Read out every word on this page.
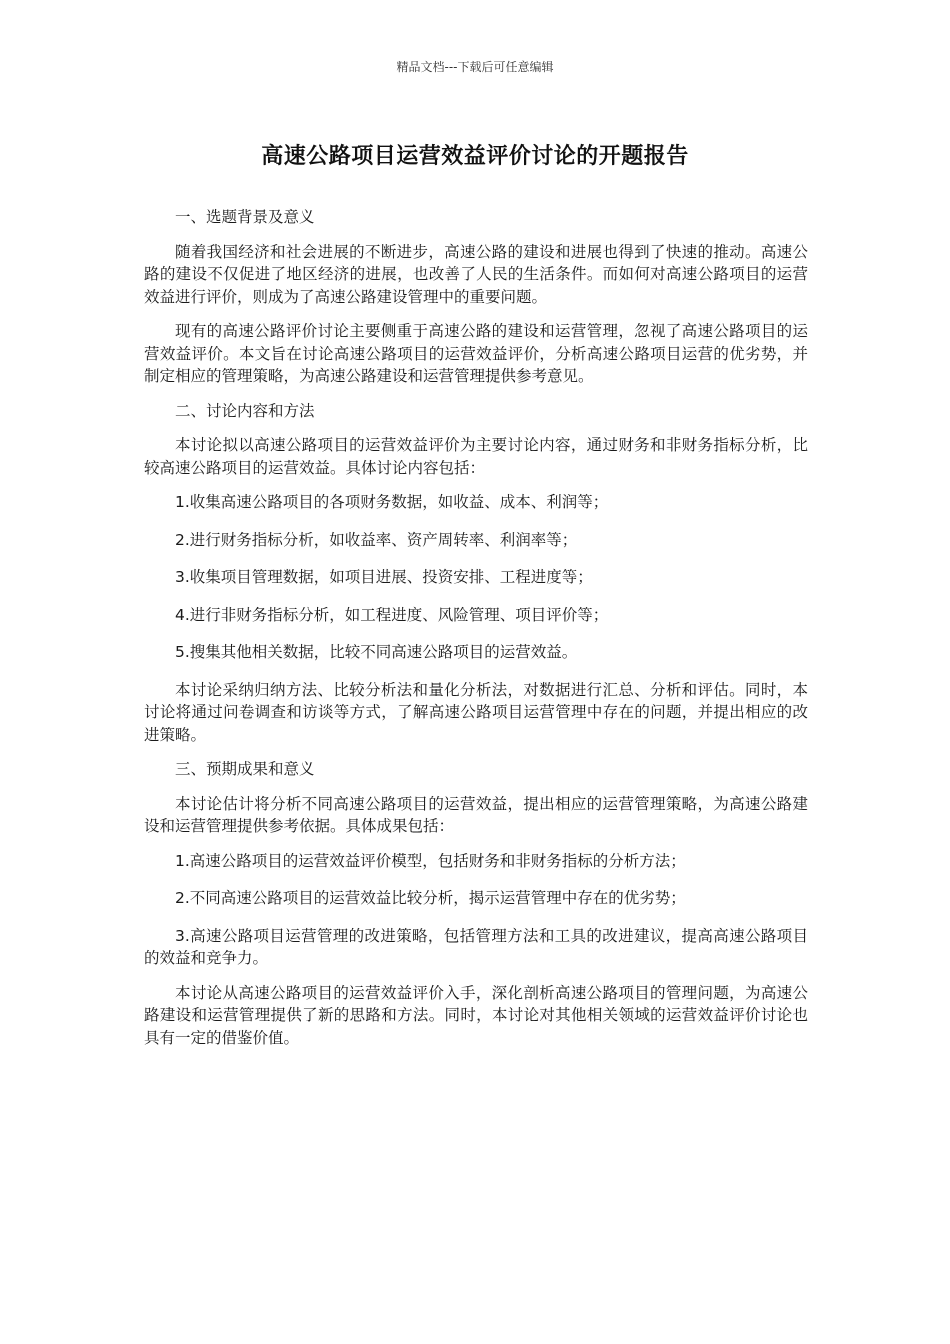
精品文档---下载后可任意编辑
高速公路项目运营效益评价讨论的开题报告

一、选题背景及意义

随着我国经济和社会进展的不断进步，高速公路的建设和进展也得到了快速的推动。高速公路的建设不仅促进了地区经济的进展，也改善了人民的生活条件。而如何对高速公路项目的运营效益进行评价，则成为了高速公路建设管理中的重要问题。

现有的高速公路评价讨论主要侧重于高速公路的建设和运营管理，忽视了高速公路项目的运营效益评价。本文旨在讨论高速公路项目的运营效益评价，分析高速公路项目运营的优劣势，并制定相应的管理策略，为高速公路建设和运营管理提供参考意见。

二、讨论内容和方法

本讨论拟以高速公路项目的运营效益评价为主要讨论内容，通过财务和非财务指标分析，比较高速公路项目的运营效益。具体讨论内容包括：

1.收集高速公路项目的各项财务数据，如收益、成本、利润等；

2.进行财务指标分析，如收益率、资产周转率、利润率等；

3.收集项目管理数据，如项目进展、投资安排、工程进度等；

4.进行非财务指标分析，如工程进度、风险管理、项目评价等；

5.搜集其他相关数据，比较不同高速公路项目的运营效益。

本讨论采纳归纳方法、比较分析法和量化分析法，对数据进行汇总、分析和评估。同时，本讨论将通过问卷调查和访谈等方式，了解高速公路项目运营管理中存在的问题，并提出相应的改进策略。

三、预期成果和意义

本讨论估计将分析不同高速公路项目的运营效益，提出相应的运营管理策略，为高速公路建设和运营管理提供参考依据。具体成果包括：

1.高速公路项目的运营效益评价模型，包括财务和非财务指标的分析方法；

2.不同高速公路项目的运营效益比较分析，揭示运营管理中存在的优劣势；

3.高速公路项目运营管理的改进策略，包括管理方法和工具的改进建议，提高高速公路项目的效益和竞争力。

本讨论从高速公路项目的运营效益评价入手，深化剖析高速公路项目的管理问题，为高速公路建设和运营管理提供了新的思路和方法。同时，本讨论对其他相关领域的运营效益评价讨论也具有一定的借鉴价值。
